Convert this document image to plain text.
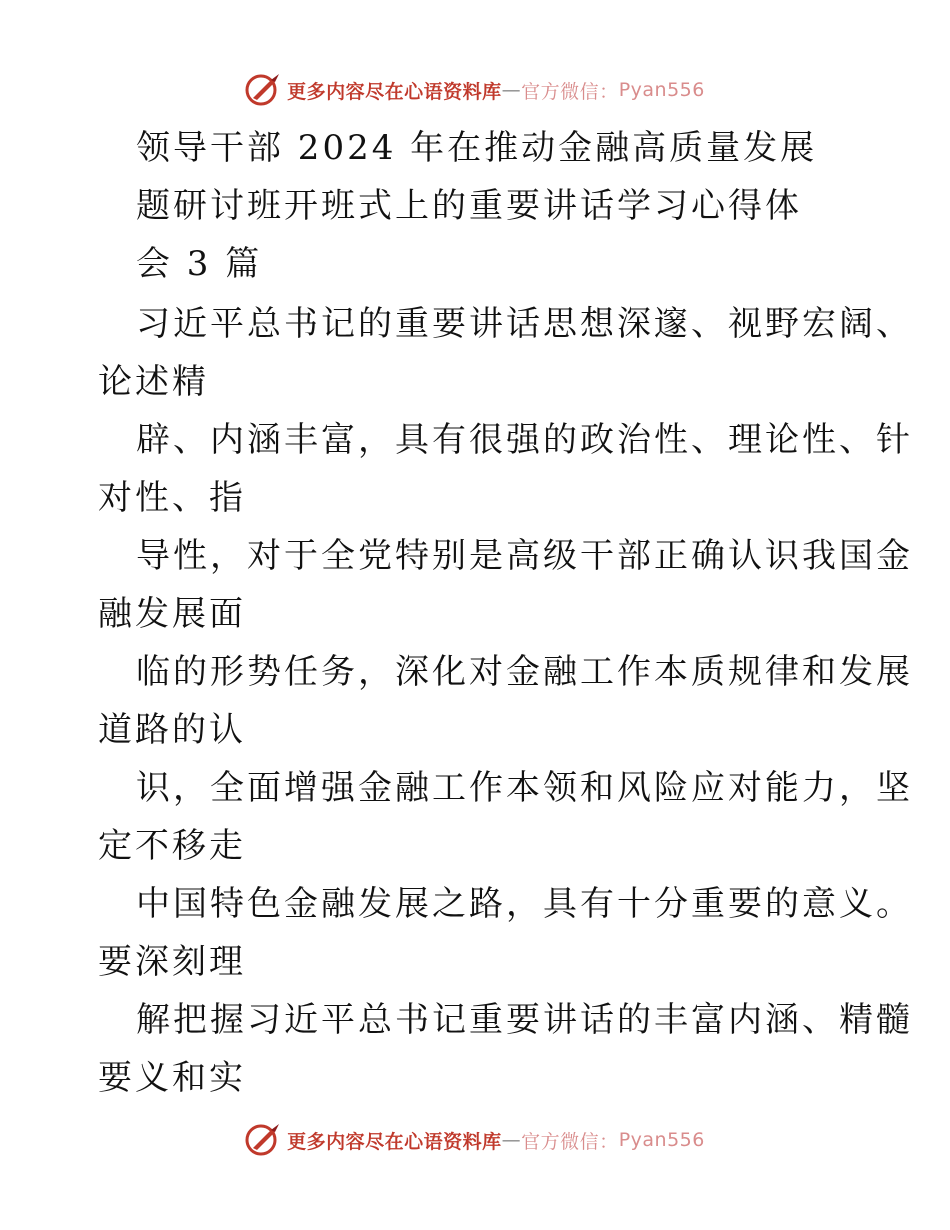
更多内容尽在心语资料库 — 官方微信： Pyan556
领导干部 2024 年在推动金融高质量发展
题研讨班开班式上的重要讲话学习心得体
会 3 篇
习近平总书记的重要讲话思想深邃、视野宏阔、
论述精
辟、内涵丰富，具有很强的政治性、理论性、针
对性、指
导性，对于全党特别是高级干部正确认识我国金
融发展面
临的形势任务，深化对金融工作本质规律和发展
道路的认
识，全面增强金融工作本领和风险应对能力，坚
定不移走
中国特色金融发展之路，具有十分重要的意义。
要深刻理
解把握习近平总书记重要讲话的丰富内涵、精髓
要义和实
更多内容尽在心语资料库 — 官方微信： Pyan556
